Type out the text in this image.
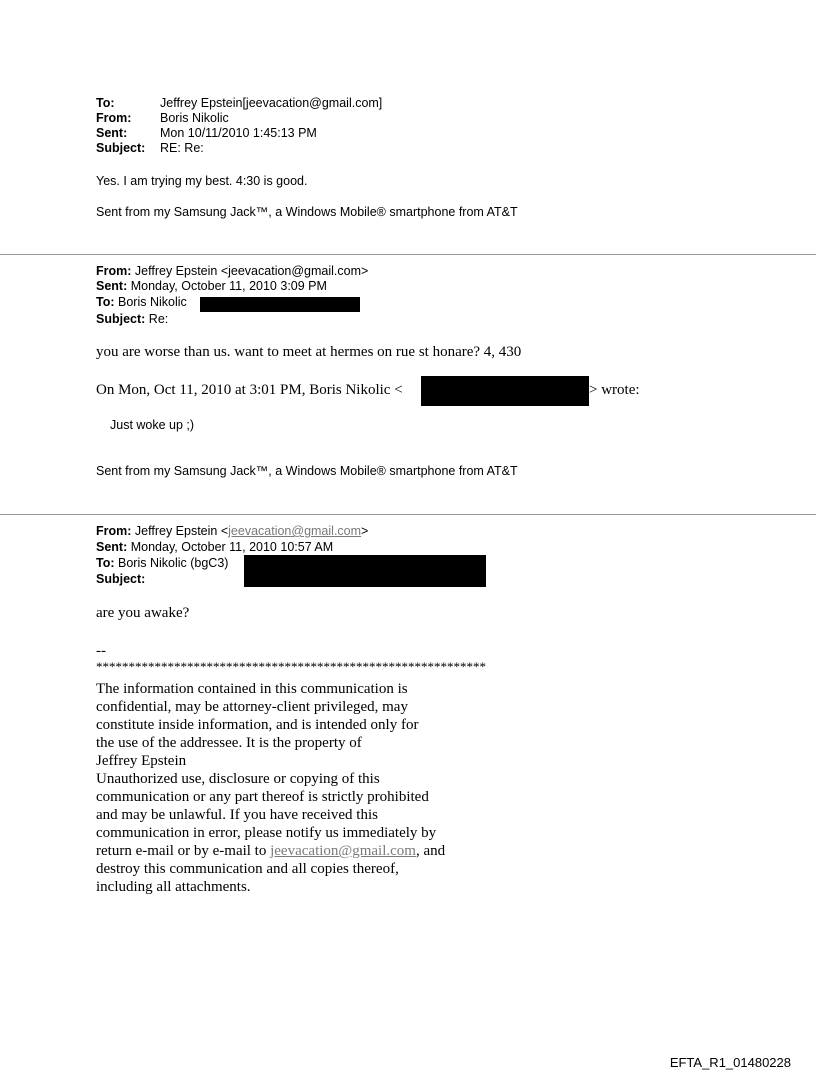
To:	Jeffrey Epstein[jeevacation@gmail.com]
From: Boris Nikolic
Sent:	Mon 10/11/2010 1:45:13 PM
Subject: RE: Re:
Yes. I am trying my best. 4:30 is good.
Sent from my Samsung Jack™, a Windows Mobile® smartphone from AT&T
From: Jeffrey Epstein <jeevacation@gmail.com>
Sent: Monday, October 11, 2010 3:09 PM
To: Boris Nikolic
Subject: Re:
you are worse than us. want to meet at hermes on rue st honare? 4, 430
On Mon, Oct 11, 2010 at 3:01 PM, Boris Nikolic <	> wrote:
Just woke up ;)
Sent from my Samsung Jack™, a Windows Mobile® smartphone from AT&T
From: Jeffrey Epstein <jeevacation@gmail.com>
Sent: Monday, October 11, 2010 10:57 AM
To: Boris Nikolic (bgC3)
Subject:
are you awake?
--
************************************************************
The information contained in this communication is
confidential, may be attorney-client privileged, may
constitute inside information, and is intended only for
the use of the addressee. It is the property of
Jeffrey Epstein
Unauthorized use, disclosure or copying of this
communication or any part thereof is strictly prohibited
and may be unlawful. If you have received this
communication in error, please notify us immediately by
return e-mail or by e-mail to jeevacation@gmail.com, and
destroy this communication and all copies thereof,
including all attachments.
EFTA_R1_01480228
